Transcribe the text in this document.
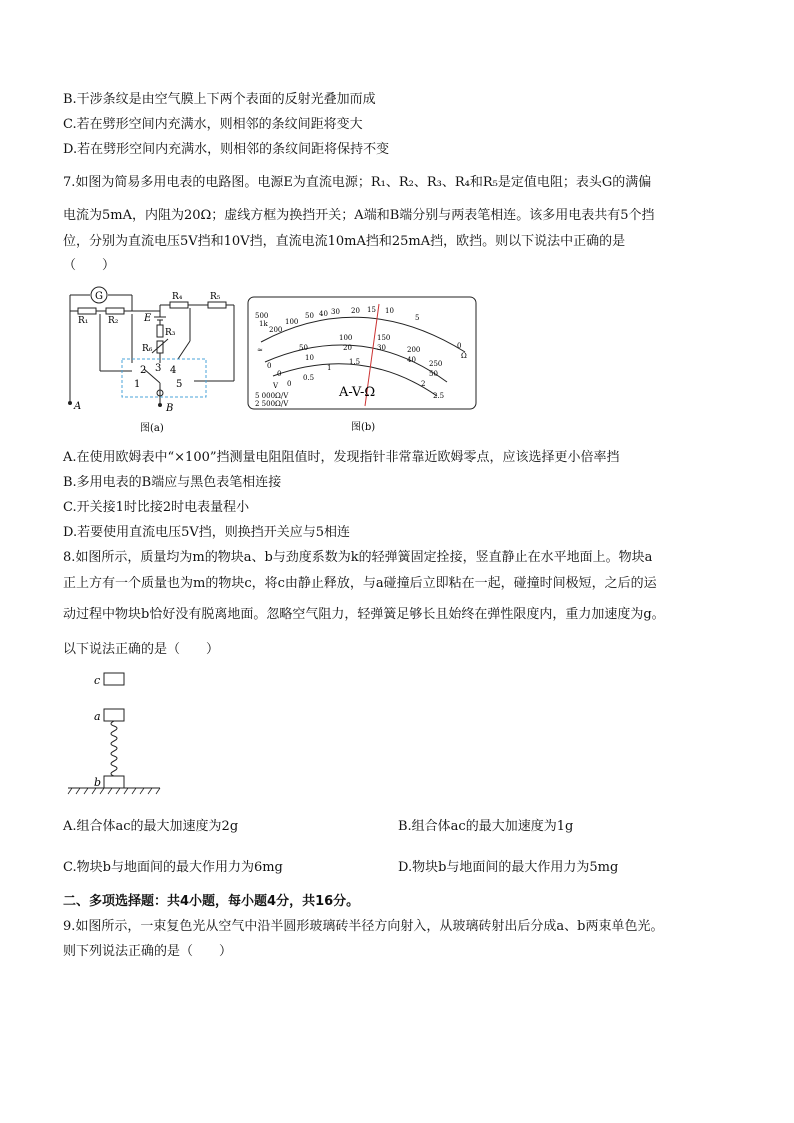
B.干涉条纹是由空气膜上下两个表面的反射光叠加而成
C.若在劈形空间内充满水，则相邻的条纹间距将变大
D.若在劈形空间内充满水，则相邻的条纹间距将保持不变
7.如图为简易多用电表的电路图。电源E为直流电源；R₁、R₂、R₃、R₄和R₅是定值电阻；表头G的满偏
电流为5mA，内阻为20Ω；虚线方框为换挡开关；A端和B端分别与两表笔相连。该多用电表共有5个挡
位，分别为直流电压5V挡和10V挡，直流电流10mA挡和25mA挡，欧挡。则以下说法中正确的是
（　　）
G
R₁ R₂
R₄	R₅
E
R₃
R₆
1
2 3 4
5
A	B
图(a)
500
1k
200
100
50 40 30 20 15 10
5
0
Ω
≈
0
50
100	150
200
250
0
10
20	30
40
50
0
0.5
1
1.5
2
2.5
V
5 000Ω/V
2 500Ω/V
A-V-Ω
图(b)
A.在使用欧姆表中“×100”挡测量电阻阻值时，发现指针非常靠近欧姆零点，应该选择更小倍率挡
B.多用电表的B端应与黑色表笔相连接
C.开关接1时比接2时电表量程小
D.若要使用直流电压5V挡，则换挡开关应与5相连
8.如图所示，质量均为m的物块a、b与劲度系数为k的轻弹簧固定拴接，竖直静止在水平地面上。物块a
正上方有一个质量也为m的物块c，将c由静止释放，与a碰撞后立即粘在一起，碰撞时间极短，之后的运
动过程中物块b恰好没有脱离地面。忽略空气阻力，轻弹簧足够长且始终在弹性限度内，重力加速度为g。
以下说法正确的是（　　）
c
a
b
A.组合体ac的最大加速度为2g	B.组合体ac的最大加速度为1g
C.物块b与地面间的最大作用力为6mg	D.物块b与地面间的最大作用力为5mg
二、多项选择题：共4小题，每小题4分，共16分。
9.如图所示，一束复色光从空气中沿半圆形玻璃砖半径方向射入，从玻璃砖射出后分成a、b两束单色光。
则下列说法正确的是（　　）
